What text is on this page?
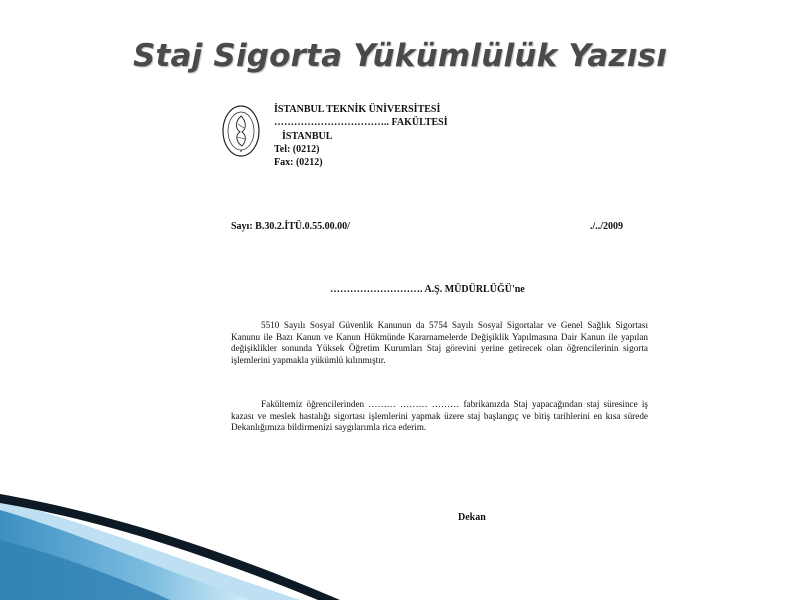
Staj Sigorta Yükümlülük Yazısı
İSTANBUL TEKNİK ÜNİVERSİTESİ
…………………………….. FAKÜLTESİ
İSTANBUL
Tel: (0212)
Fax: (0212)
Sayı: B.30.2.İTÜ.0.55.00.00/	./../2009
………………………. A.Ş. MÜDÜRLÜĞÜ'ne
5510 Sayılı Sosyal Güvenlik Kanunun da 5754 Sayılı Sosyal Sigortalar ve Genel Sağlık Sigortası Kanunu ile Bazı Kanun ve Kanun Hükmünde Kararnamelerde Değişiklik Yapılmasına Dair Kanun ile yapılan değişiklikler sonunda Yüksek Öğretim Kurumları Staj görevini yerine getirecek olan öğrencilerinin sigorta işlemlerini yapmakla yükümlü kılınmıştır.
Fakültemiz öğrencilerinden ……… ……… ……… fabrikanızda Staj yapacağından staj süresince iş kazası ve meslek hastalığı sigortası işlemlerini yapmak üzere staj başlangıç ve bitiş tarihlerini en kısa sürede Dekanlığımıza bildirmenizi saygılarımla rica ederim.
Dekan
